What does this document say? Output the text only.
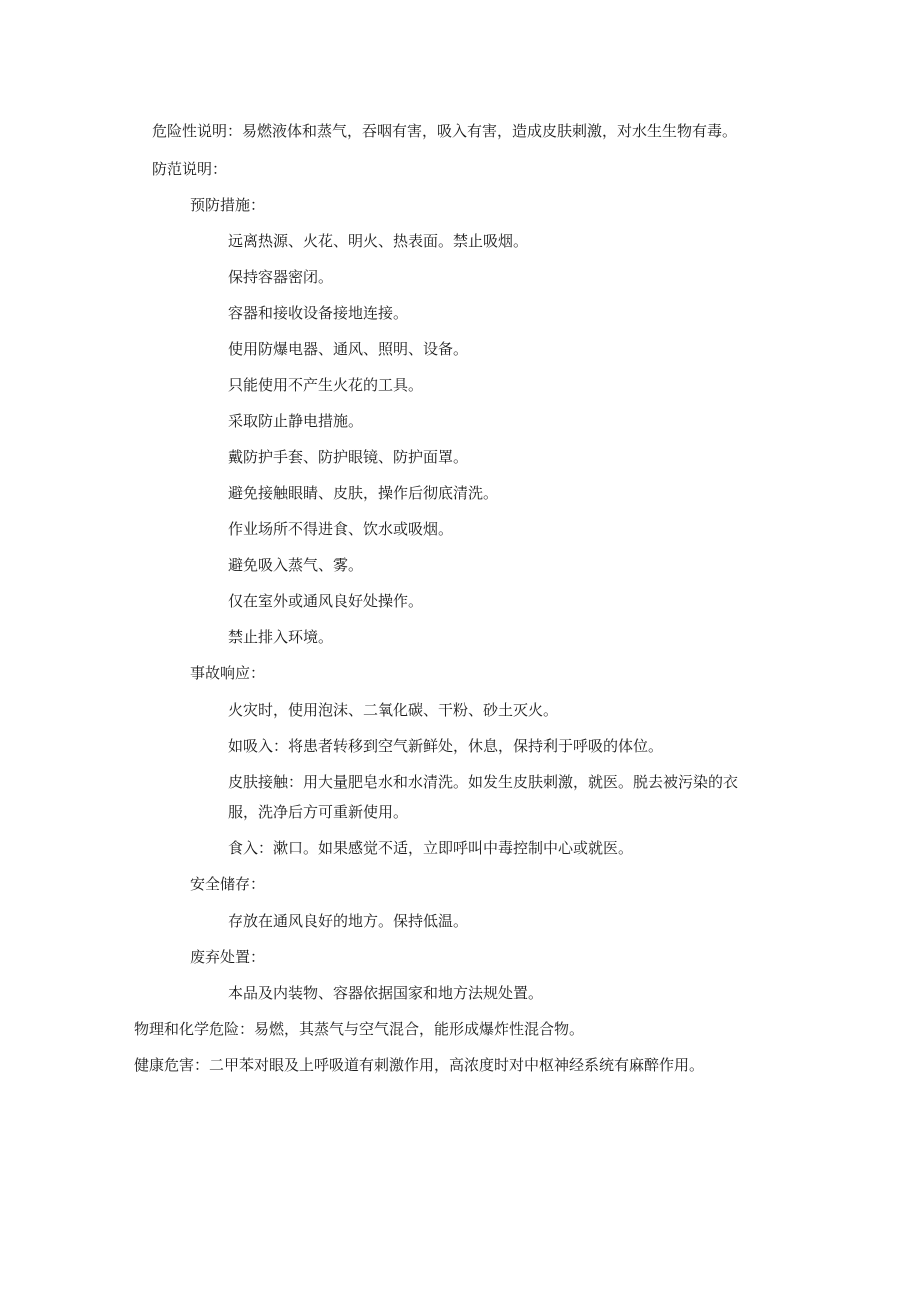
危险性说明：易燃液体和蒸气，吞咽有害，吸入有害，造成皮肤刺激，对水生生物有毒。
防范说明：
预防措施：
远离热源、火花、明火、热表面。禁止吸烟。
保持容器密闭。
容器和接收设备接地连接。
使用防爆电器、通风、照明、设备。
只能使用不产生火花的工具。
采取防止静电措施。
戴防护手套、防护眼镜、防护面罩。
避免接触眼睛、皮肤，操作后彻底清洗。
作业场所不得进食、饮水或吸烟。
避免吸入蒸气、雾。
仅在室外或通风良好处操作。
禁止排入环境。
事故响应：
火灾时，使用泡沫、二氧化碳、干粉、砂土灭火。
如吸入：将患者转移到空气新鲜处，休息，保持利于呼吸的体位。
皮肤接触：用大量肥皂水和水清洗。如发生皮肤刺激，就医。脱去被污染的衣
服，洗净后方可重新使用。
食入：漱口。如果感觉不适，立即呼叫中毒控制中心或就医。
安全储存：
存放在通风良好的地方。保持低温。
废弃处置：
本品及内装物、容器依据国家和地方法规处置。
物理和化学危险：易燃，其蒸气与空气混合，能形成爆炸性混合物。
健康危害：二甲苯对眼及上呼吸道有刺激作用，高浓度时对中枢神经系统有麻醉作用。
